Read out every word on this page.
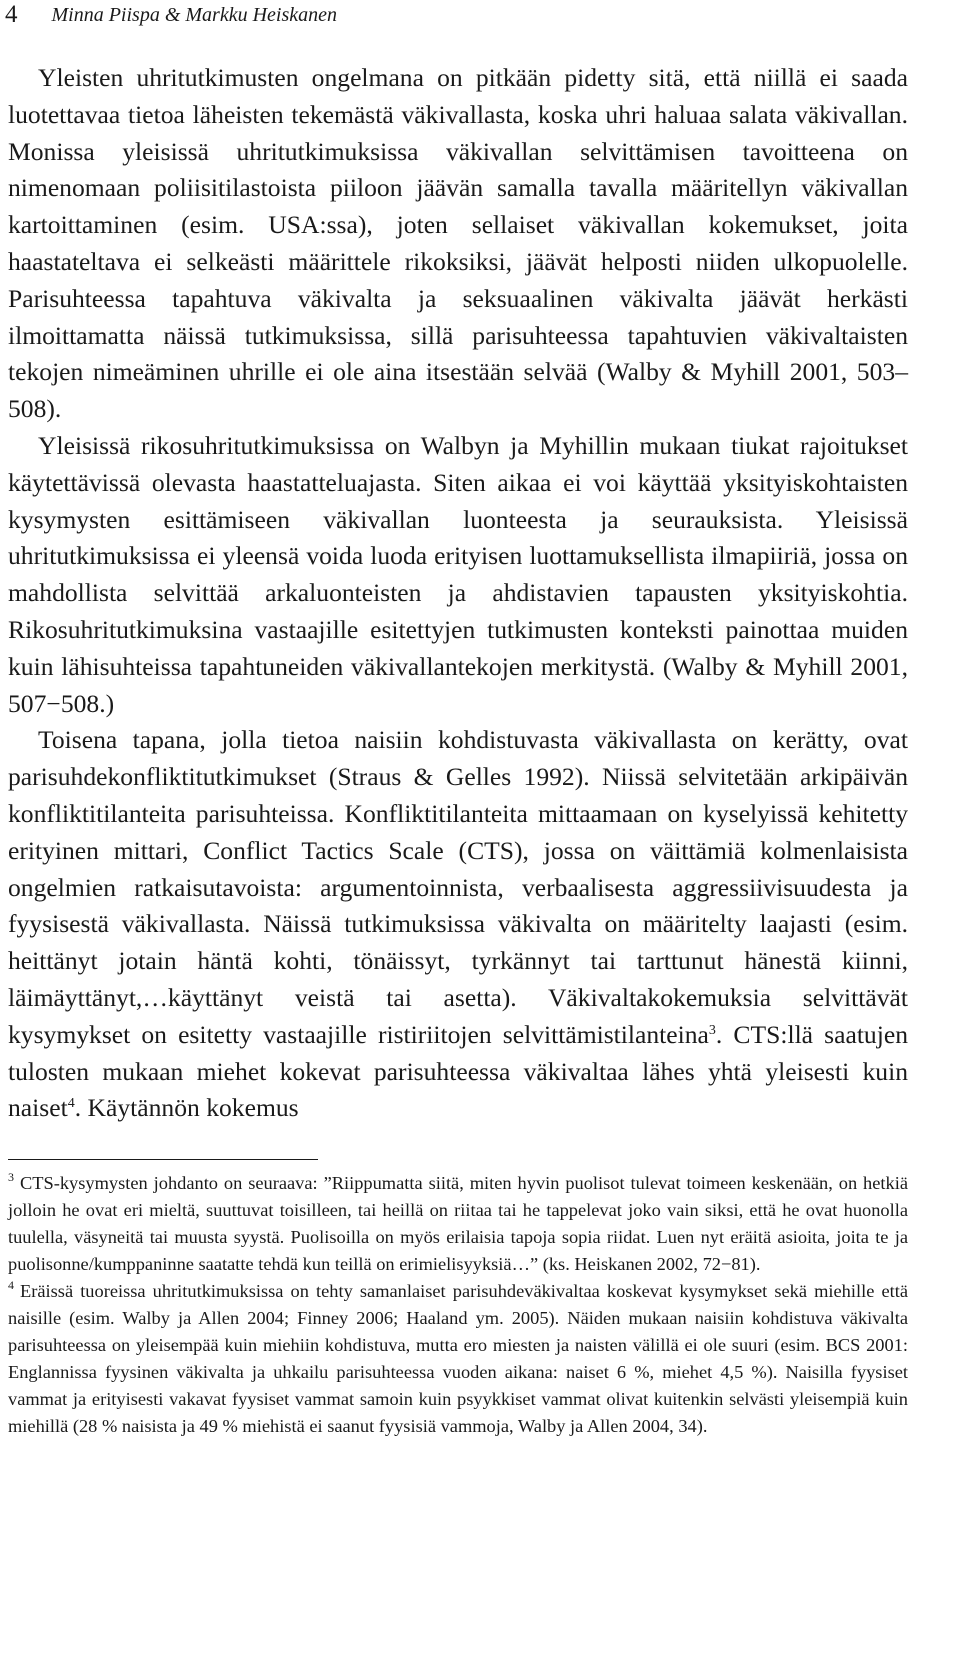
4 Minna Piispa & Markku Heiskanen

Yleisten uhritutkimusten ongelmana on pitkään pidetty sitä, että niillä ei saada luotettavaa tietoa läheisten tekemästä väkivallasta, koska uhri haluaa salata väkivallan. Monissa yleisissä uhritutkimuksissa väkivallan selvittämisen tavoitteena on nimenomaan poliisitilastoista piiloon jäävän samalla tavalla määritellyn väkivallan kartoittaminen (esim. USA:ssa), joten sellaiset väkivallan kokemukset, joita haastateltava ei selkeästi määrittele rikoksiksi, jäävät helposti niiden ulkopuolelle. Parisuhteessa tapahtuva väkivalta ja seksuaalinen väkivalta jäävät herkästi ilmoittamatta näissä tutkimuksissa, sillä parisuhteessa tapahtuvien väkivaltaisten tekojen nimeäminen uhrille ei ole aina itsestään selvää (Walby & Myhill 2001, 503–508).

Yleisissä rikosuhritutkimuksissa on Walbyn ja Myhillin mukaan tiukat rajoitukset käytettävissä olevasta haastatteluajasta. Siten aikaa ei voi käyttää yksityiskohtaisten kysymysten esittämiseen väkivallan luonteesta ja seurauksista. Yleisissä uhritutkimuksissa ei yleensä voida luoda erityisen luottamuksellista ilmapiiriä, jossa on mahdollista selvittää arkaluonteisten ja ahdistavien tapausten yksityiskohtia. Rikosuhritutkimuksina vastaajille esitettyjen tutkimusten konteksti painottaa muiden kuin lähisuhteissa tapahtuneiden väkivallantekojen merkitystä. (Walby & Myhill 2001, 507−508.)

Toisena tapana, jolla tietoa naisiin kohdistuvasta väkivallasta on kerätty, ovat parisuhdekonfliktitutkimukset (Straus & Gelles 1992). Niissä selvitetään arkipäivän konfliktitilanteita parisuhteissa. Konfliktitilanteita mittaamaan on kyselyissä kehitetty erityinen mittari, Conflict Tactics Scale (CTS), jossa on väittämiä kolmenlaisista ongelmien ratkaisutavoista: argumentoinnista, verbaalisesta aggressiivisuudesta ja fyysisestä väkivallasta. Näissä tutkimuksissa väkivalta on määritelty laajasti (esim. heittänyt jotain häntä kohti, tönäissyt, tyrkännyt tai tarttunut hänestä kiinni, läimäyttänyt,…käyttänyt veistä tai asetta). Väkivaltakokemuksia selvittävät kysymykset on esitetty vastaajille ristiriitojen selvittämistilanteina$^3$. CTS:llä saatujen tulosten mukaan miehet kokevat parisuhteessa väkivaltaa lähes yhtä yleisesti kuin naiset$^4$. Käytännön kokemus

$^3$ CTS-kysymysten johdanto on seuraava: ”Riippumatta siitä, miten hyvin puolisot tulevat toimeen keskenään, on hetkiä jolloin he ovat eri mieltä, suuttuvat toisilleen, tai heillä on riitaa tai he tappelevat joko vain siksi, että he ovat huonolla tuulella, väsyneitä tai muusta syystä. Puolisoilla on myös erilaisia tapoja sopia riidat. Luen nyt eräitä asioita, joita te ja puolisonne/kumppaninne saatatte tehdä kun teillä on erimielisyyksiä…” (ks. Heiskanen 2002, 72−81).

$^4$ Eräissä tuoreissa uhritutkimuksissa on tehty samanlaiset parisuhdeväkivaltaa koskevat kysymykset sekä miehille että naisille (esim. Walby ja Allen 2004; Finney 2006; Haaland ym. 2005). Näiden mukaan naisiin kohdistuva väkivalta parisuhteessa on yleisempää kuin miehiin kohdistuva, mutta ero miesten ja naisten välillä ei ole suuri (esim. BCS 2001: Englannissa fyysinen väkivalta ja uhkailu parisuhteessa vuoden aikana: naiset 6 %, miehet 4,5 %). Naisilla fyysiset vammat ja erityisesti vakavat fyysiset vammat samoin kuin psyykkiset vammat olivat kuitenkin selvästi yleisempiä kuin miehillä (28 % naisista ja 49 % miehistä ei saanut fyysisiä vammoja, Walby ja Allen 2004, 34).
